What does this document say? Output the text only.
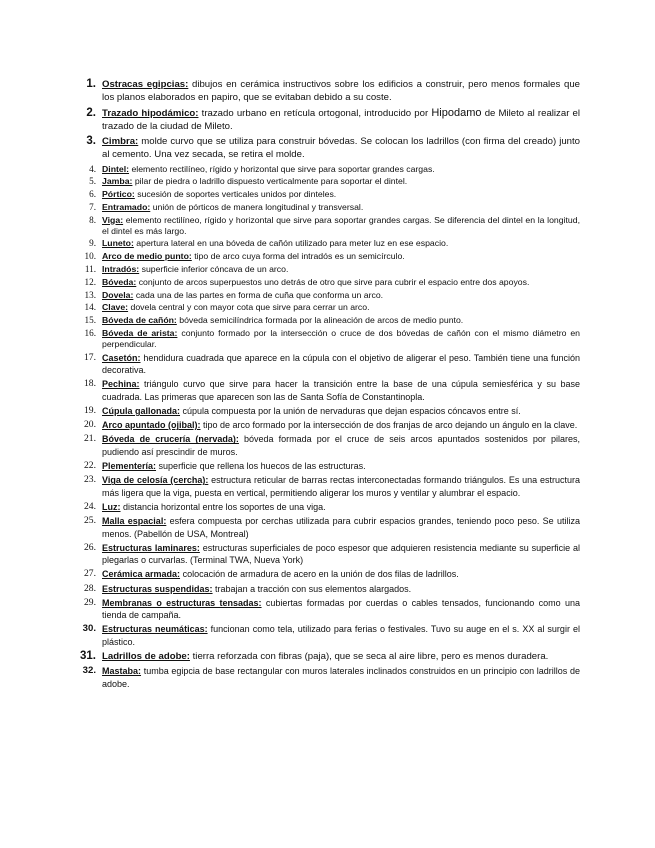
1. Ostracas egipcias: dibujos en cerámica instructivos sobre los edificios a construir, pero menos formales que los planos elaborados en papiro, que se evitaban debido a su coste.
2. Trazado hipodámico: trazado urbano en retícula ortogonal, introducido por Hipodamo de Mileto al realizar el trazado de la ciudad de Mileto.
3. Cimbra: molde curvo que se utiliza para construir bóvedas. Se colocan los ladrillos (con firma del creado) junto al cemento. Una vez secada, se retira el molde.
4. Dintel: elemento rectilíneo, rígido y horizontal que sirve para soportar grandes cargas.
5. Jamba: pilar de piedra o ladrillo dispuesto verticalmente para soportar el dintel.
6. Pórtico: sucesión de soportes verticales unidos por dinteles.
7. Entramado: unión de pórticos de manera longitudinal y transversal.
8. Viga: elemento rectilíneo, rígido y horizontal que sirve para soportar grandes cargas. Se diferencia del dintel en la longitud, el dintel es más largo.
9. Luneto: apertura lateral en una bóveda de cañón utilizado para meter luz en ese espacio.
10. Arco de medio punto: tipo de arco cuya forma del intradós es un semicírculo.
11. Intradós: superficie inferior cóncava de un arco.
12. Bóveda: conjunto de arcos superpuestos uno detrás de otro que sirve para cubrir el espacio entre dos apoyos.
13. Dovela: cada una de las partes en forma de cuña que conforma un arco.
14. Clave: dovela central y con mayor cota que sirve para cerrar un arco.
15. Bóveda de cañón: bóveda semicilíndrica formada por la alineación de arcos de medio punto.
16. Bóveda de arista: conjunto formado por la intersección o cruce de dos bóvedas de cañón con el mismo diámetro en perpendicular.
17. Casetón: hendidura cuadrada que aparece en la cúpula con el objetivo de aligerar el peso. También tiene una función decorativa.
18. Pechina: triángulo curvo que sirve para hacer la transición entre la base de una cúpula semiesférica y su base cuadrada. Las primeras que aparecen son las de Santa Sofía de Constantinopla.
19. Cúpula gallonada: cúpula compuesta por la unión de nervaduras que dejan espacios cóncavos entre sí.
20. Arco apuntado (ojibal): tipo de arco formado por la intersección de dos franjas de arco dejando un ángulo en la clave.
21. Bóveda de crucería (nervada): bóveda formada por el cruce de seis arcos apuntados sostenidos por pilares, pudiendo así prescindir de muros.
22. Plementería: superficie que rellena los huecos de las estructuras.
23. Viga de celosía (cercha): estructura reticular de barras rectas interconectadas formando triángulos. Es una estructura más ligera que la viga, puesta en vertical, permitiendo aligerar los muros y ventilar y alumbrar el espacio.
24. Luz: distancia horizontal entre los soportes de una viga.
25. Malla espacial: esfera compuesta por cerchas utilizada para cubrir espacios grandes, teniendo poco peso. Se utiliza menos. (Pabellón de USA, Montreal)
26. Estructuras laminares: estructuras superficiales de poco espesor que adquieren resistencia mediante su superficie al plegarlas o curvarlas. (Terminal TWA, Nueva York)
27. Cerámica armada: colocación de armadura de acero en la unión de dos filas de ladrillos.
28. Estructuras suspendidas: trabajan a tracción con sus elementos alargados.
29. Membranas o estructuras tensadas: cubiertas formadas por cuerdas o cables tensados, funcionando como una tienda de campaña.
30. Estructuras neumáticas: funcionan como tela, utilizado para ferias o festivales. Tuvo su auge en el s. XX al surgir el plástico.
31. Ladrillos de adobe: tierra reforzada con fibras (paja), que se seca al aire libre, pero es menos duradera.
32. Mastaba: tumba egipcia de base rectangular con muros laterales inclinados construidos en un principio con ladrillos de adobe.
